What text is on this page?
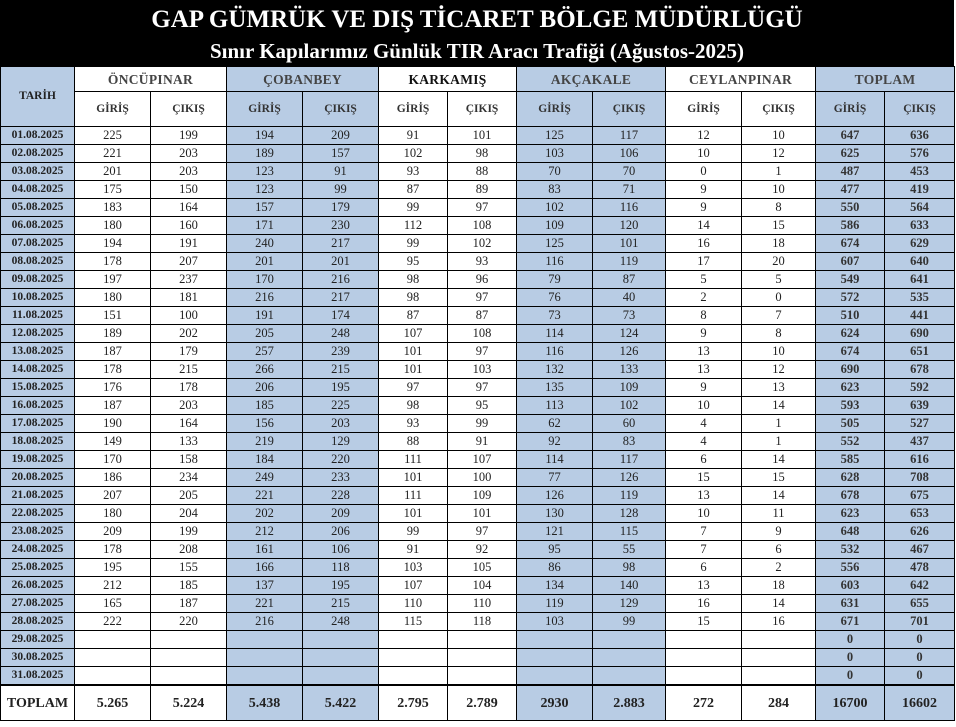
GAP GÜMRÜK VE DIŞ TİCARET BÖLGE MÜDÜRLÜGÜ
Sınır Kapılarımız Günlük TIR Aracı Trafiği (Ağustos-2025)
TARİH	ÖNCÜPINAR		ÇOBANBEY		KARKAMIŞ		AKÇAKALE		CEYLANPINAR		TOPLAM	
	GİRİŞ	ÇIKIŞ	GİRİŞ	ÇIKIŞ	GİRİŞ	ÇIKIŞ	GİRİŞ	ÇIKIŞ	GİRİŞ	ÇIKIŞ	GİRİŞ	ÇIKIŞ
01.08.2025	225	199	194	209	91	101	125	117	12	10	647	636
02.08.2025	221	203	189	157	102	98	103	106	10	12	625	576
03.08.2025	201	203	123	91	93	88	70	70	0	1	487	453
04.08.2025	175	150	123	99	87	89	83	71	9	10	477	419
05.08.2025	183	164	157	179	99	97	102	116	9	8	550	564
06.08.2025	180	160	171	230	112	108	109	120	14	15	586	633
07.08.2025	194	191	240	217	99	102	125	101	16	18	674	629
08.08.2025	178	207	201	201	95	93	116	119	17	20	607	640
09.08.2025	197	237	170	216	98	96	79	87	5	5	549	641
10.08.2025	180	181	216	217	98	97	76	40	2	0	572	535
11.08.2025	151	100	191	174	87	87	73	73	8	7	510	441
12.08.2025	189	202	205	248	107	108	114	124	9	8	624	690
13.08.2025	187	179	257	239	101	97	116	126	13	10	674	651
14.08.2025	178	215	266	215	101	103	132	133	13	12	690	678
15.08.2025	176	178	206	195	97	97	135	109	9	13	623	592
16.08.2025	187	203	185	225	98	95	113	102	10	14	593	639
17.08.2025	190	164	156	203	93	99	62	60	4	1	505	527
18.08.2025	149	133	219	129	88	91	92	83	4	1	552	437
19.08.2025	170	158	184	220	111	107	114	117	6	14	585	616
20.08.2025	186	234	249	233	101	100	77	126	15	15	628	708
21.08.2025	207	205	221	228	111	109	126	119	13	14	678	675
22.08.2025	180	204	202	209	101	101	130	128	10	11	623	653
23.08.2025	209	199	212	206	99	97	121	115	7	9	648	626
24.08.2025	178	208	161	106	91	92	95	55	7	6	532	467
25.08.2025	195	155	166	118	103	105	86	98	6	2	556	478
26.08.2025	212	185	137	195	107	104	134	140	13	18	603	642
27.08.2025	165	187	221	215	110	110	119	129	16	14	631	655
28.08.2025	222	220	216	248	115	118	103	99	15	16	671	701
29.08.2025											0	0
30.08.2025											0	0
31.08.2025											0	0
TOPLAM	5.265	5.224	5.438	5.422	2.795	2.789	2930	2.883	272	284	16700	16602
